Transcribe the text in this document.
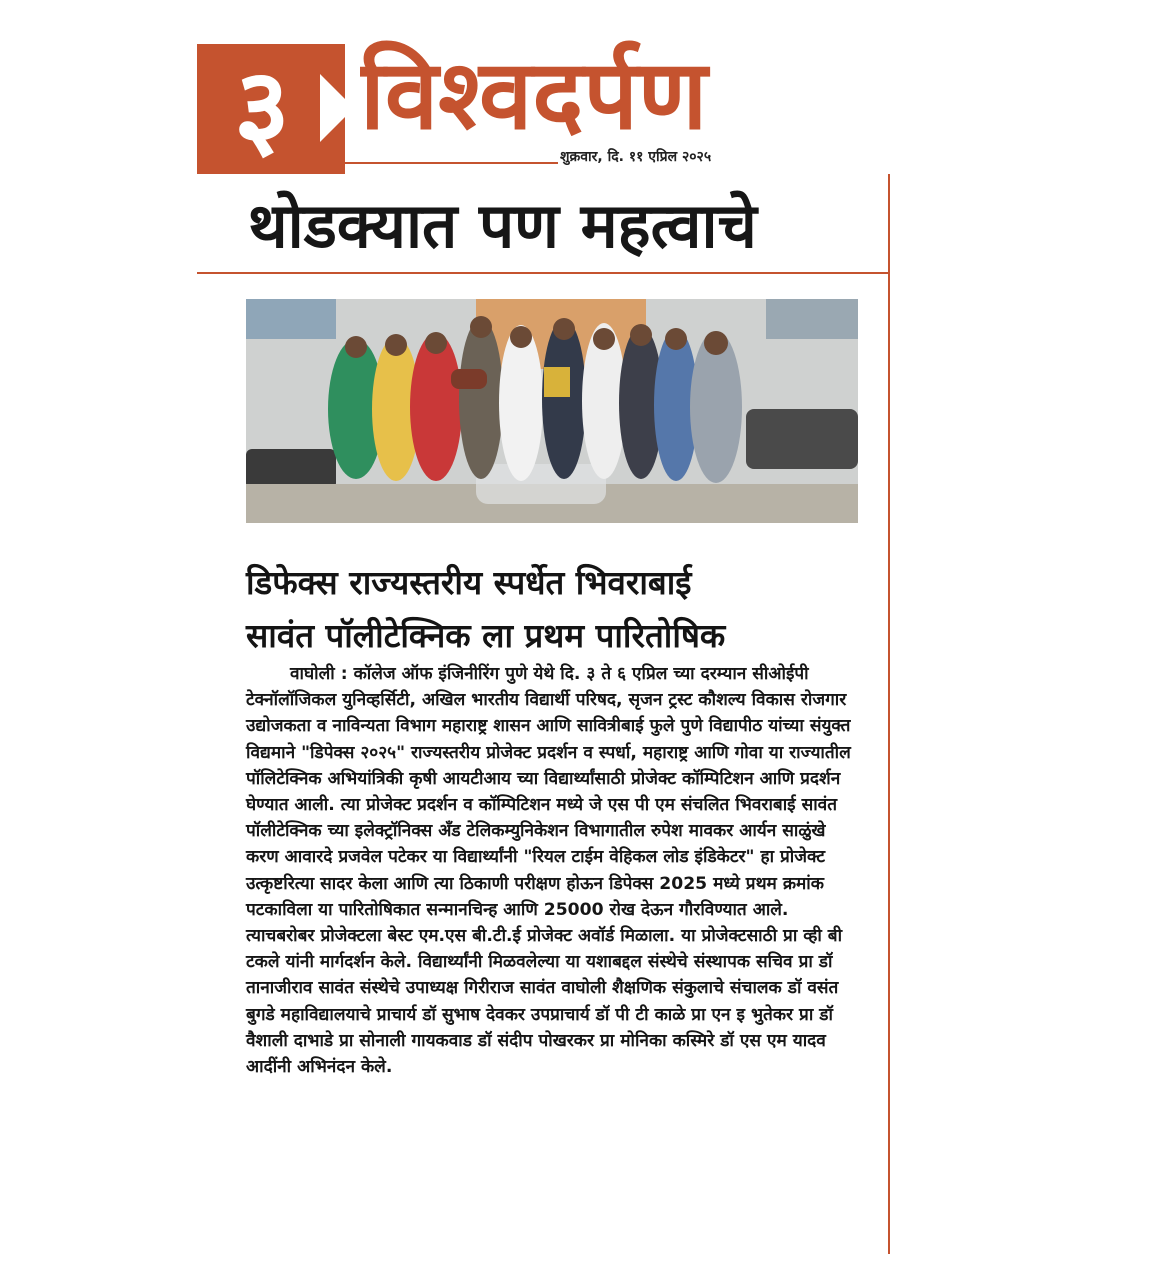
३ विश्वदर्पण
शुक्रवार, दि. ११ एप्रिल २०२५
थोडक्यात पण महत्वाचे
डिफेक्स राज्यस्तरीय स्पर्धेत भिवराबाई
सावंत पॉलीटेक्निक ला प्रथम पारितोषिक
वाघोली : कॉलेज ऑफ इंजिनीरिंग पुणे येथे दि. ३ ते ६ एप्रिल च्या दरम्यान सीओईपी टेक्नॉलॉजिकल युनिव्हर्सिटी, अखिल भारतीय विद्यार्थी परिषद, सृजन ट्रस्ट कौशल्य विकास रोजगार उद्योजकता व नाविन्यता विभाग महाराष्ट्र शासन आणि सावित्रीबाई फुले पुणे विद्यापीठ यांच्या संयुक्त विद्यमाने "डिपेक्स २०२५" राज्यस्तरीय प्रोजेक्ट प्रदर्शन व स्पर्धा, महाराष्ट्र आणि गोवा या राज्यातील पॉलिटेक्निक अभियांत्रिकी कृषी आयटीआय च्या विद्यार्थ्यांसाठी प्रोजेक्ट कॉम्पिटिशन आणि प्रदर्शन घेण्यात आली. त्या प्रोजेक्ट प्रदर्शन व कॉम्पिटिशन मध्ये जे एस पी एम संचलित भिवराबाई सावंत पॉलीटेक्निक च्या इलेक्ट्रॉनिक्स अँड टेलिकम्युनिकेशन विभागातील रुपेश मावकर आर्यन साळुंखे करण आवारदे प्रजवेल पटेकर या विद्यार्थ्यांनी "रियल टाईम वेहिकल लोड इंडिकेटर" हा प्रोजेक्ट उत्कृष्टरित्या सादर केला आणि त्या ठिकाणी परीक्षण होऊन डिपेक्स 2025 मध्ये प्रथम क्रमांक पटकाविला या पारितोषिकात सन्मानचिन्ह आणि 25000 रोख देऊन गौरविण्यात आले. त्याचबरोबर प्रोजेक्टला बेस्ट एम.एस बी.टी.ई प्रोजेक्ट अवॉर्ड मिळाला. या प्रोजेक्टसाठी प्रा व्ही बी टकले यांनी मार्गदर्शन केले. विद्यार्थ्यांनी मिळवलेल्या या यशाबद्दल संस्थेचे संस्थापक सचिव प्रा डॉ तानाजीराव सावंत संस्थेचे उपाध्यक्ष गिरीराज सावंत वाघोली शैक्षणिक संकुलाचे संचालक डॉ वसंत बुगडे महाविद्यालयाचे प्राचार्य डॉ सुभाष देवकर उपप्राचार्य डॉ पी टी काळे प्रा एन इ भुतेकर प्रा डॉ वैशाली दाभाडे प्रा सोनाली गायकवाड डॉ संदीप पोखरकर प्रा मोनिका कस्मिरे डॉ एस एम यादव आदींनी अभिनंदन केले.
